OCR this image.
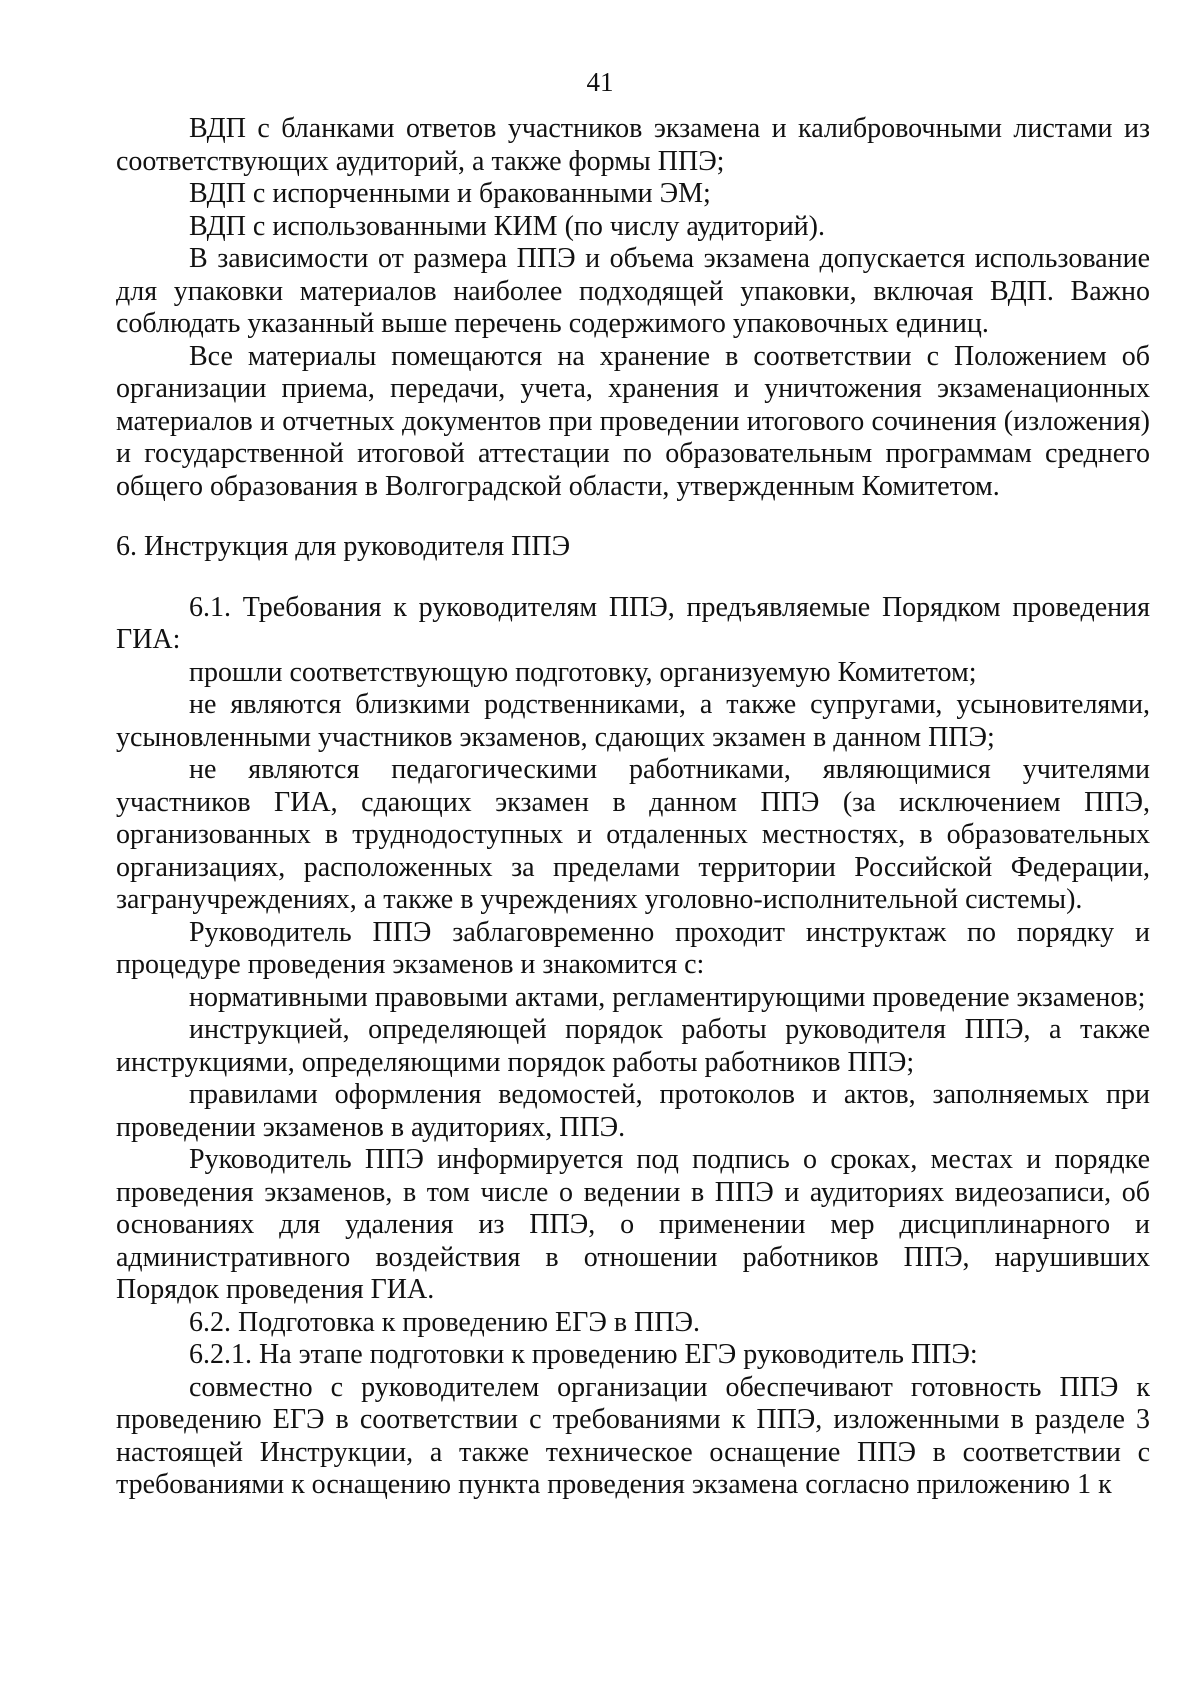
41

ВДП с бланками ответов участников экзамена и калибровочными листами из соответствующих аудиторий, а также формы ППЭ;

ВДП с испорченными и бракованными ЭМ;

ВДП с использованными КИМ (по числу аудиторий).

В зависимости от размера ППЭ и объема экзамена допускается использование для упаковки материалов наиболее подходящей упаковки, включая ВДП. Важно соблюдать указанный выше перечень содержимого упаковочных единиц.

Все материалы помещаются на хранение в соответствии с Положением об организации приема, передачи, учета, хранения и уничтожения экзаменационных материалов и отчетных документов при проведении итогового сочинения (изложения) и государственной итоговой аттестации по образовательным программам среднего общего образования в Волгоградской области, утвержденным Комитетом.

6. Инструкция для руководителя ППЭ

6.1. Требования к руководителям ППЭ, предъявляемые Порядком проведения ГИА:

прошли соответствующую подготовку, организуемую Комитетом;

не являются близкими родственниками, а также супругами, усыновителями, усыновленными участников экзаменов, сдающих экзамен в данном ППЭ;

не являются педагогическими работниками, являющимися учителями участников ГИА, сдающих экзамен в данном ППЭ (за исключением ППЭ, организованных в труднодоступных и отдаленных местностях, в образовательных организациях, расположенных за пределами территории Российской Федерации, загранучреждениях, а также в учреждениях уголовно-исполнительной системы).

Руководитель ППЭ заблаговременно проходит инструктаж по порядку и процедуре проведения экзаменов и знакомится с:

нормативными правовыми актами, регламентирующими проведение экзаменов;

инструкцией, определяющей порядок работы руководителя ППЭ, а также инструкциями, определяющими порядок работы работников ППЭ;

правилами оформления ведомостей, протоколов и актов, заполняемых при проведении экзаменов в аудиториях, ППЭ.

Руководитель ППЭ информируется под подпись о сроках, местах и порядке проведения экзаменов, в том числе о ведении в ППЭ и аудиториях видеозаписи, об основаниях для удаления из ППЭ, о применении мер дисциплинарного и административного воздействия в отношении работников ППЭ, нарушивших Порядок проведения ГИА.

6.2. Подготовка к проведению ЕГЭ в ППЭ.

6.2.1. На этапе подготовки к проведению ЕГЭ руководитель ППЭ:

совместно с руководителем организации обеспечивают готовность ППЭ к проведению ЕГЭ в соответствии с требованиями к ППЭ, изложенными в разделе 3 настоящей Инструкции, а также техническое оснащение ППЭ в соответствии с требованиями к оснащению пункта проведения экзамена согласно приложению 1 к
